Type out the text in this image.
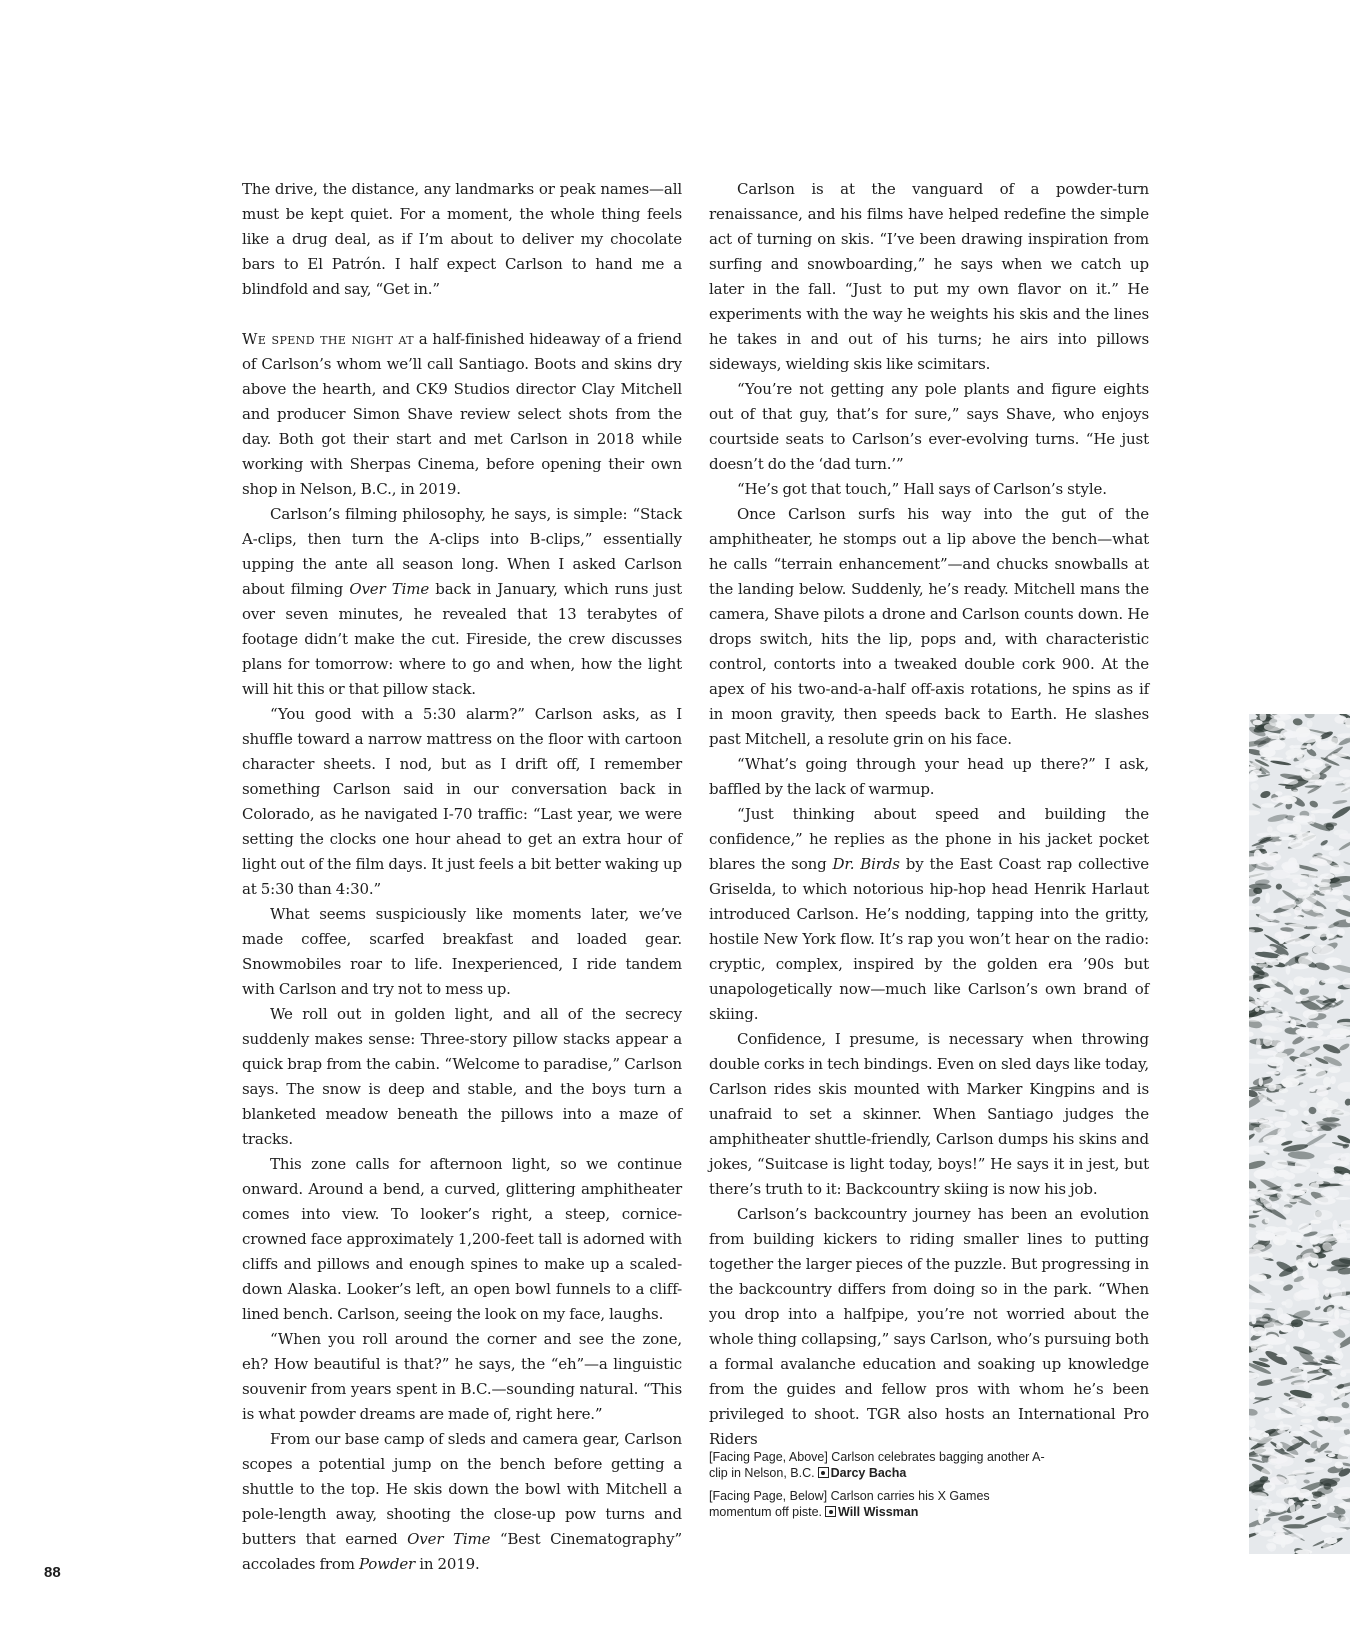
The drive, the distance, any landmarks or peak names—all must be kept quiet. For a moment, the whole thing feels like a drug deal, as if I’m about to deliver my chocolate bars to El Patrón. I half expect Carlson to hand me a blindfold and say, “Get in.”

We spend the night at a half-finished hideaway of a friend of Carlson’s whom we’ll call Santiago. Boots and skins dry above the hearth, and CK9 Studios director Clay Mitchell and producer Simon Shave review select shots from the day. Both got their start and met Carlson in 2018 while working with Sherpas Cinema, before opening their own shop in Nelson, B.C., in 2019.

Carlson’s filming philosophy, he says, is simple: “Stack A-clips, then turn the A-clips into B-clips,” essentially upping the ante all season long. When I asked Carlson about filming Over Time back in January, which runs just over seven minutes, he revealed that 13 terabytes of footage didn’t make the cut. Fireside, the crew discusses plans for tomorrow: where to go and when, how the light will hit this or that pillow stack.

“You good with a 5:30 alarm?” Carlson asks, as I shuffle toward a narrow mattress on the floor with cartoon character sheets. I nod, but as I drift off, I remember something Carlson said in our conversation back in Colorado, as he navigated I-70 traffic: “Last year, we were setting the clocks one hour ahead to get an extra hour of light out of the film days. It just feels a bit better waking up at 5:30 than 4:30.”

What seems suspiciously like moments later, we’ve made coffee, scarfed breakfast and loaded gear. Snowmobiles roar to life. Inexperienced, I ride tandem with Carlson and try not to mess up.

We roll out in golden light, and all of the secrecy suddenly makes sense: Three-story pillow stacks appear a quick brap from the cabin. “Welcome to paradise,” Carlson says. The snow is deep and stable, and the boys turn a blanketed meadow beneath the pillows into a maze of tracks.

This zone calls for afternoon light, so we continue onward. Around a bend, a curved, glittering amphitheater comes into view. To looker’s right, a steep, cornice-crowned face approximately 1,200-feet tall is adorned with cliffs and pillows and enough spines to make up a scaled-down Alaska. Looker’s left, an open bowl funnels to a cliff-lined bench. Carlson, seeing the look on my face, laughs.

“When you roll around the corner and see the zone, eh? How beautiful is that?” he says, the “eh”—a linguistic souvenir from years spent in B.C.—sounding natural. “This is what powder dreams are made of, right here.”

From our base camp of sleds and camera gear, Carlson scopes a potential jump on the bench before getting a shuttle to the top. He skis down the bowl with Mitchell a pole-length away, shooting the close-up pow turns and butters that earned Over Time “Best Cinematography” accolades from Powder in 2019.

Carlson is at the vanguard of a powder-turn renaissance, and his films have helped redefine the simple act of turning on skis. “I’ve been drawing inspiration from surfing and snowboarding,” he says when we catch up later in the fall. “Just to put my own flavor on it.” He experiments with the way he weights his skis and the lines he takes in and out of his turns; he airs into pillows sideways, wielding skis like scimitars.

“You’re not getting any pole plants and figure eights out of that guy, that’s for sure,” says Shave, who enjoys courtside seats to Carlson’s ever-evolving turns. “He just doesn’t do the ‘dad turn.’”

“He’s got that touch,” Hall says of Carlson’s style.

Once Carlson surfs his way into the gut of the amphitheater, he stomps out a lip above the bench—what he calls “terrain enhancement”—and chucks snowballs at the landing below. Suddenly, he’s ready. Mitchell mans the camera, Shave pilots a drone and Carlson counts down. He drops switch, hits the lip, pops and, with characteristic control, contorts into a tweaked double cork 900. At the apex of his two-and-a-half off-axis rotations, he spins as if in moon gravity, then speeds back to Earth. He slashes past Mitchell, a resolute grin on his face.

“What’s going through your head up there?” I ask, baffled by the lack of warmup.

“Just thinking about speed and building the confidence,” he replies as the phone in his jacket pocket blares the song Dr. Birds by the East Coast rap collective Griselda, to which notorious hip-hop head Henrik Harlaut introduced Carlson. He’s nodding, tapping into the gritty, hostile New York flow. It’s rap you won’t hear on the radio: cryptic, complex, inspired by the golden era ’90s but unapologetically now—much like Carlson’s own brand of skiing.

Confidence, I presume, is necessary when throwing double corks in tech bindings. Even on sled days like today, Carlson rides skis mounted with Marker Kingpins and is unafraid to set a skinner. When Santiago judges the amphitheater shuttle-friendly, Carlson dumps his skins and jokes, “Suitcase is light today, boys!” He says it in jest, but there’s truth to it: Backcountry skiing is now his job.

Carlson’s backcountry journey has been an evolution from building kickers to riding smaller lines to putting together the larger pieces of the puzzle. But progressing in the backcountry differs from doing so in the park. “When you drop into a halfpipe, you’re not worried about the whole thing collapsing,” says Carlson, who’s pursuing both a formal avalanche education and soaking up knowledge from the guides and fellow pros with whom he’s been privileged to shoot. TGR also hosts an International Pro Riders

[Facing Page, Above] Carlson celebrates bagging another A-clip in Nelson, B.C. Darcy Bacha

[Facing Page, Below] Carlson carries his X Games momentum off piste. Will Wissman

88
